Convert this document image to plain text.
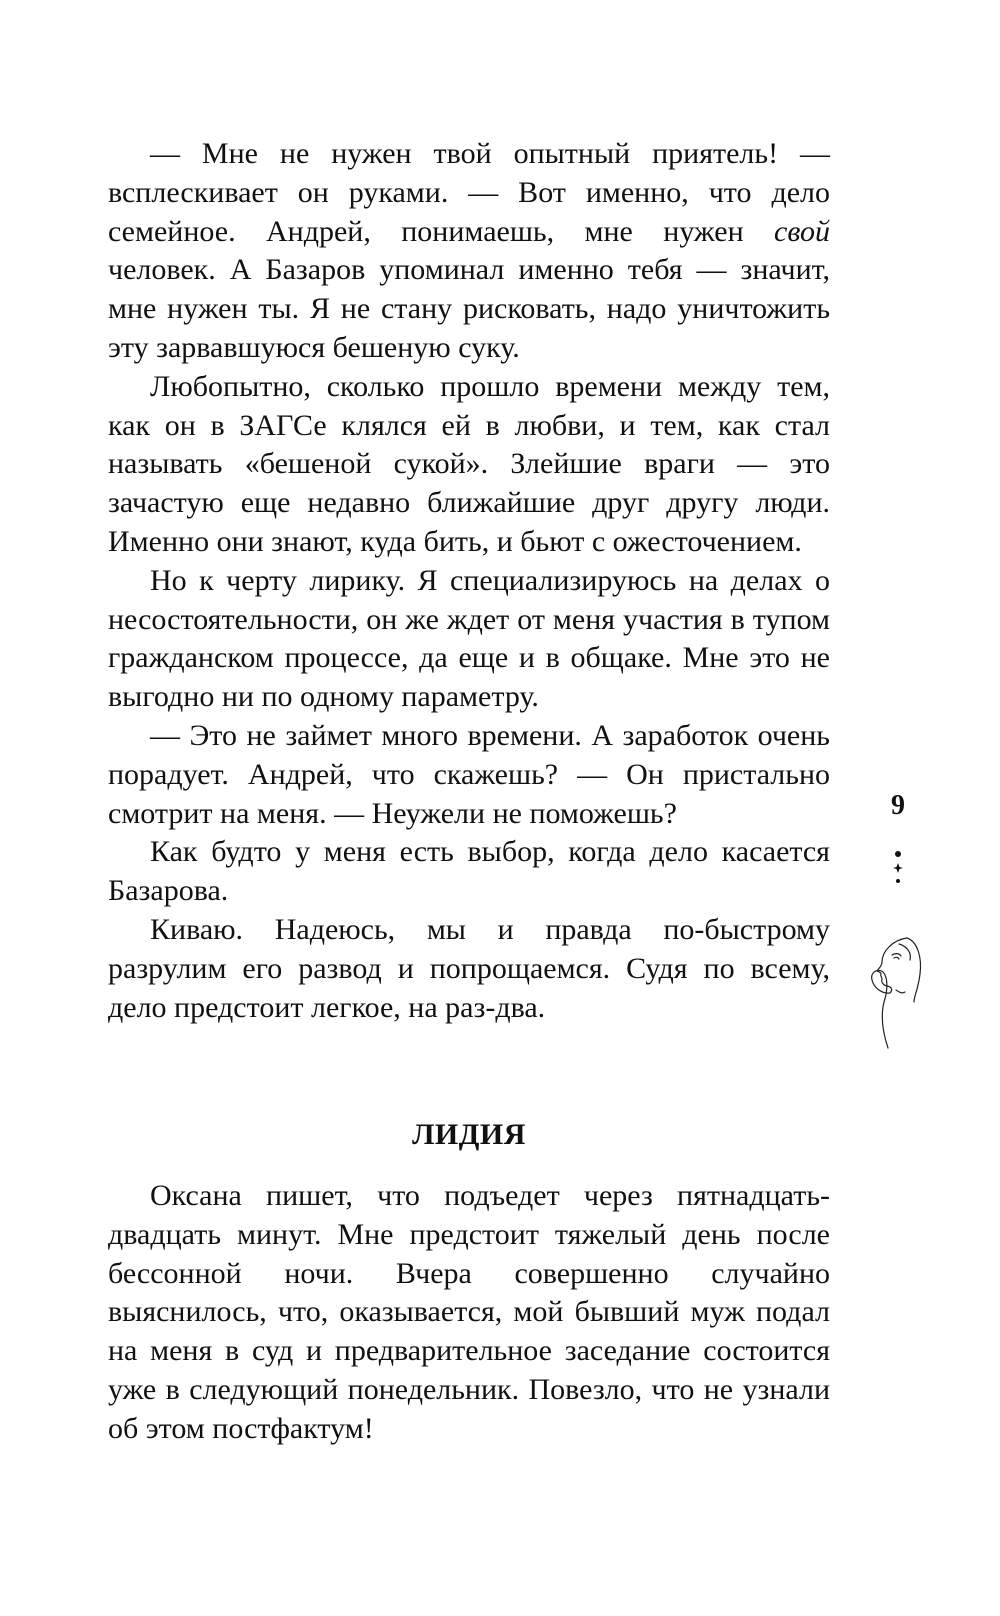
— Мне не нужен твой опытный приятель! — всплескивает он руками. — Вот именно, что дело семейное. Андрей, понимаешь, мне нужен свой человек. А Базаров упоминал именно тебя — значит, мне нужен ты. Я не стану рисковать, надо уничтожить эту зарвавшуюся бешеную суку.

Любопытно, сколько прошло времени между тем, как он в ЗАГСе клялся ей в любви, и тем, как стал называть «бешеной сукой». Злейшие враги — это зачастую еще недавно ближайшие друг другу люди. Именно они знают, куда бить, и бьют с ожесточением.

Но к черту лирику. Я специализируюсь на делах о несостоятельности, он же ждет от меня участия в тупом гражданском процессе, да еще и в общаке. Мне это не выгодно ни по одному параметру.

— Это не займет много времени. А заработок очень порадует. Андрей, что скажешь? — Он пристально смотрит на меня. — Неужели не поможешь?

Как будто у меня есть выбор, когда дело касается Базарова.

Киваю. Надеюсь, мы и правда по-быстрому разрулим его развод и попрощаемся. Судя по всему, дело предстоит легкое, на раз-два.

ЛИДИЯ

Оксана пишет, что подъедет через пятнадцать-двадцать минут. Мне предстоит тяжелый день после бессонной ночи. Вчера совершенно случайно выяснилось, что, оказывается, мой бывший муж подал на меня в суд и предварительное заседание состоится уже в следующий понедельник. Повезло, что не узнали об этом постфактум!

9
